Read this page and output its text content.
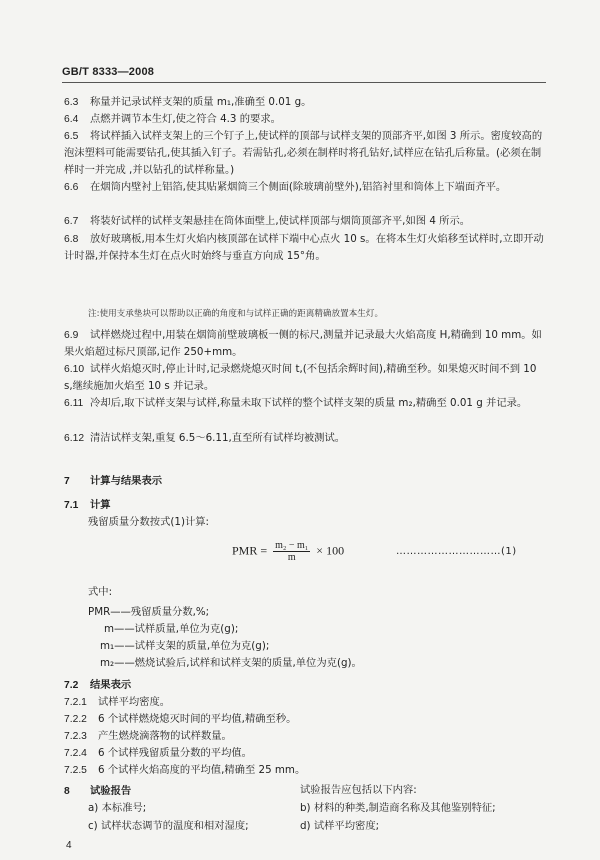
GB/T 8333—2008
6.3 称量并记录试样支架的质量 m₁,准确至 0.01 g。
6.4 点燃并调节本生灯,使之符合 4.3 的要求。
6.5 将试样插入试样支架上的三个钉子上,使试样的顶部与试样支架的顶部齐平,如图 3 所示。密度较高的泡沫塑料可能需要钻孔,使其插入钉子。若需钻孔,必须在制样时将孔钻好,试样应在钻孔后称量。(必须在制样时一并完成 ,并以钻孔的试样称量。)
6.6 在烟筒内壁衬上铝箔,使其贴紧烟筒三个侧面(除玻璃前壁外),铝箔衬里和筒体上下端面齐平。
6.7 将装好试样的试样支架悬挂在筒体面壁上,使试样顶部与烟筒顶部齐平,如图 4 所示。
6.8 放好玻璃板,用本生灯火焰内核顶部在试样下端中心点火 10 s。在将本生灯火焰移至试样时,立即开动计时器,并保持本生灯在点火时始终与垂直方向成 15°角。
注:使用支承垫块可以帮助以正确的角度和与试样正确的距离精确放置本生灯。
6.9 试样燃烧过程中,用装在烟筒前壁玻璃板一侧的标尺,测量并记录最大火焰高度 H,精确到 10 mm。如果火焰超过标尺顶部,记作 250+mm。
6.10 试样火焰熄灭时,停止计时,记录燃烧熄灭时间 t,(不包括余辉时间),精确至秒。如果熄灭时间不到 10 s,继续施加火焰至 10 s 并记录。
6.11 冷却后,取下试样支架与试样,称量未取下试样的整个试样支架的质量 m₂,精确至 0.01 g 并记录。
6.12 清洁试样支架,重复 6.5～6.11,直至所有试样均被测试。
7 计算与结果表示
7.1 计算
残留质量分数按式(1)计算:
PMR = $\frac{\text{m₂ − m₁}}{m} \times 100$	…………………………(1)
式中:
PMR——残留质量分数,%;
m——试样质量,单位为克(g);
m₁——试样支架的质量,单位为克(g);
m₂——燃烧试验后,试样和试样支架的质量,单位为克(g)。
7.2 结果表示
7.2.1 试样平均密度。
7.2.2 6 个试样燃烧熄灭时间的平均值,精确至秒。
7.2.3 产生燃烧滴落物的试样数量。
7.2.4 6 个试样残留质量分数的平均值。
7.2.5 6 个试样火焰高度的平均值,精确至 25 mm。
8 试验报告	试验报告应包括以下内容:
a) 本标准号;	b) 材料的种类,制造商名称及其他鉴别特征;
c) 试样状态调节的温度和相对湿度;	d) 试样平均密度;
4
